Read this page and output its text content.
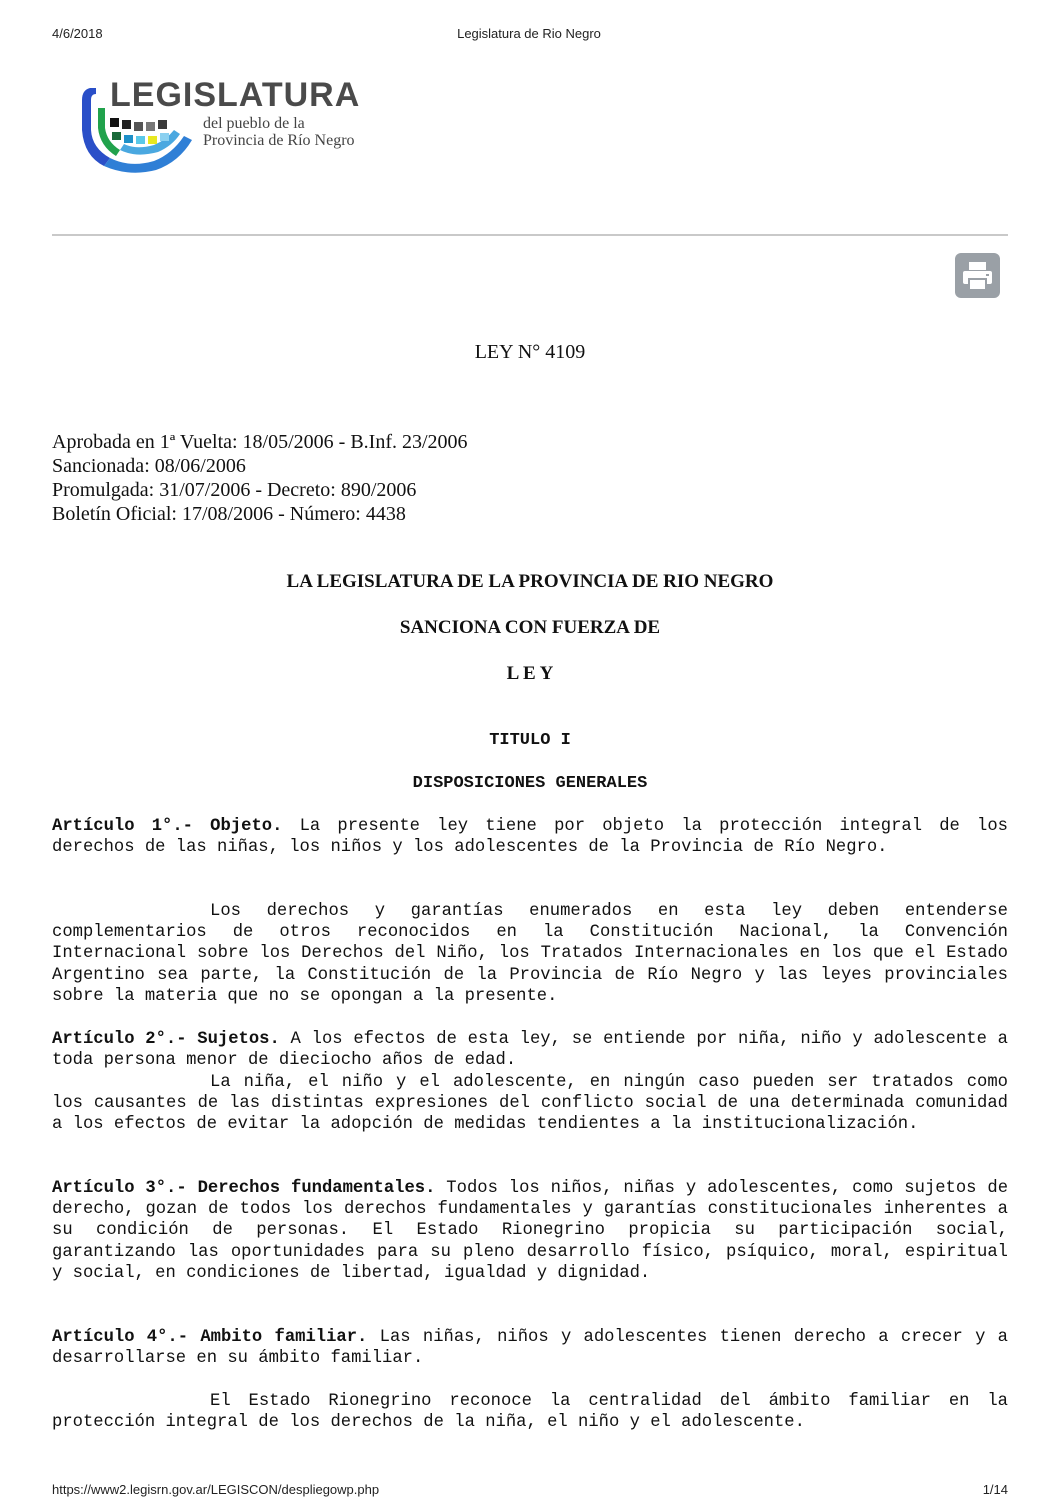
4/6/2018	Legislatura de Rio Negro
LEGISLATURA
del pueblo de la
Provincia de Río Negro
LEY N° 4109
Aprobada en 1ª Vuelta: 18/05/2006 - B.Inf. 23/2006
Sancionada: 08/06/2006
Promulgada: 31/07/2006 - Decreto: 890/2006
Boletín Oficial: 17/08/2006 - Número: 4438
LA LEGISLATURA DE LA PROVINCIA DE RIO NEGRO
SANCIONA CON FUERZA DE
L E Y
TITULO I
DISPOSICIONES GENERALES
Artículo 1°.- Objeto. La presente ley tiene por objeto la protección integral de los derechos de las niñas, los niños y los adolescentes de la Provincia de Río Negro.
Los derechos y garantías enumerados en esta ley deben entenderse complementarios de otros reconocidos en la Constitución Nacional, la Convención Internacional sobre los Derechos del Niño, los Tratados Internacionales en los que el Estado Argentino sea parte, la Constitución de la Provincia de Río Negro y las leyes provinciales sobre la materia que no se opongan a la presente.
Artículo 2°.- Sujetos. A los efectos de esta ley, se entiende por niña, niño y adolescente a toda persona menor de dieciocho años de edad.
La niña, el niño y el adolescente, en ningún caso pueden ser tratados como los causantes de las distintas expresiones del conflicto social de una determinada comunidad a los efectos de evitar la adopción de medidas tendientes a la institucionalización.
Artículo 3°.- Derechos fundamentales. Todos los niños, niñas y adolescentes, como sujetos de derecho, gozan de todos los derechos fundamentales y garantías constitucionales inherentes a su condición de personas. El Estado Rionegrino propicia su participación social, garantizando las oportunidades para su pleno desarrollo físico, psíquico, moral, espiritual y social, en condiciones de libertad, igualdad y dignidad.
Artículo 4°.- Ambito familiar. Las niñas, niños y adolescentes tienen derecho a crecer y a desarrollarse en su ámbito familiar.
El Estado Rionegrino reconoce la centralidad del ámbito familiar en la protección integral de los derechos de la niña, el niño y el adolescente.
https://www2.legisrn.gov.ar/LEGISCON/despliegowp.php	1/14
